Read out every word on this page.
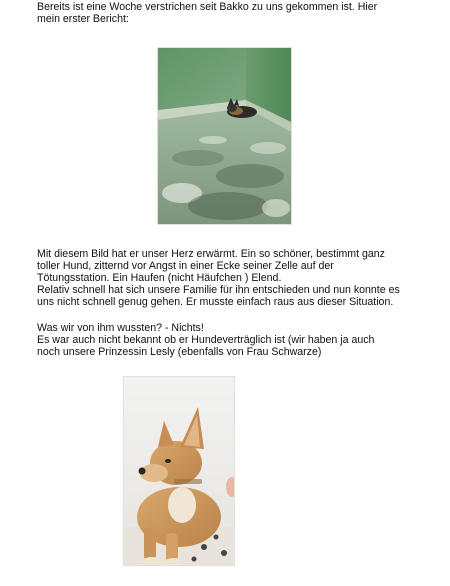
Bereits ist eine Woche verstrichen seit Bakko zu uns gekommen ist. Hier
mein erster Bericht:
Mit diesem Bild hat er unser Herz erwärmt. Ein so schöner, bestimmt ganz
toller Hund, zitternd vor Angst in einer Ecke seiner Zelle auf der
Tötungsstation. Ein Haufen (nicht Häufchen ) Elend.
Relativ schnell hat sich unsere Familie für ihn entschieden und nun konnte es
uns nicht schnell genug gehen. Er musste einfach raus aus dieser Situation.
Was wir von ihm wussten? - Nichts!
Es war auch nicht bekannt ob er Hundeverträglich ist (wir haben ja auch
noch unsere Prinzessin Lesly (ebenfalls von Frau Schwarze)
